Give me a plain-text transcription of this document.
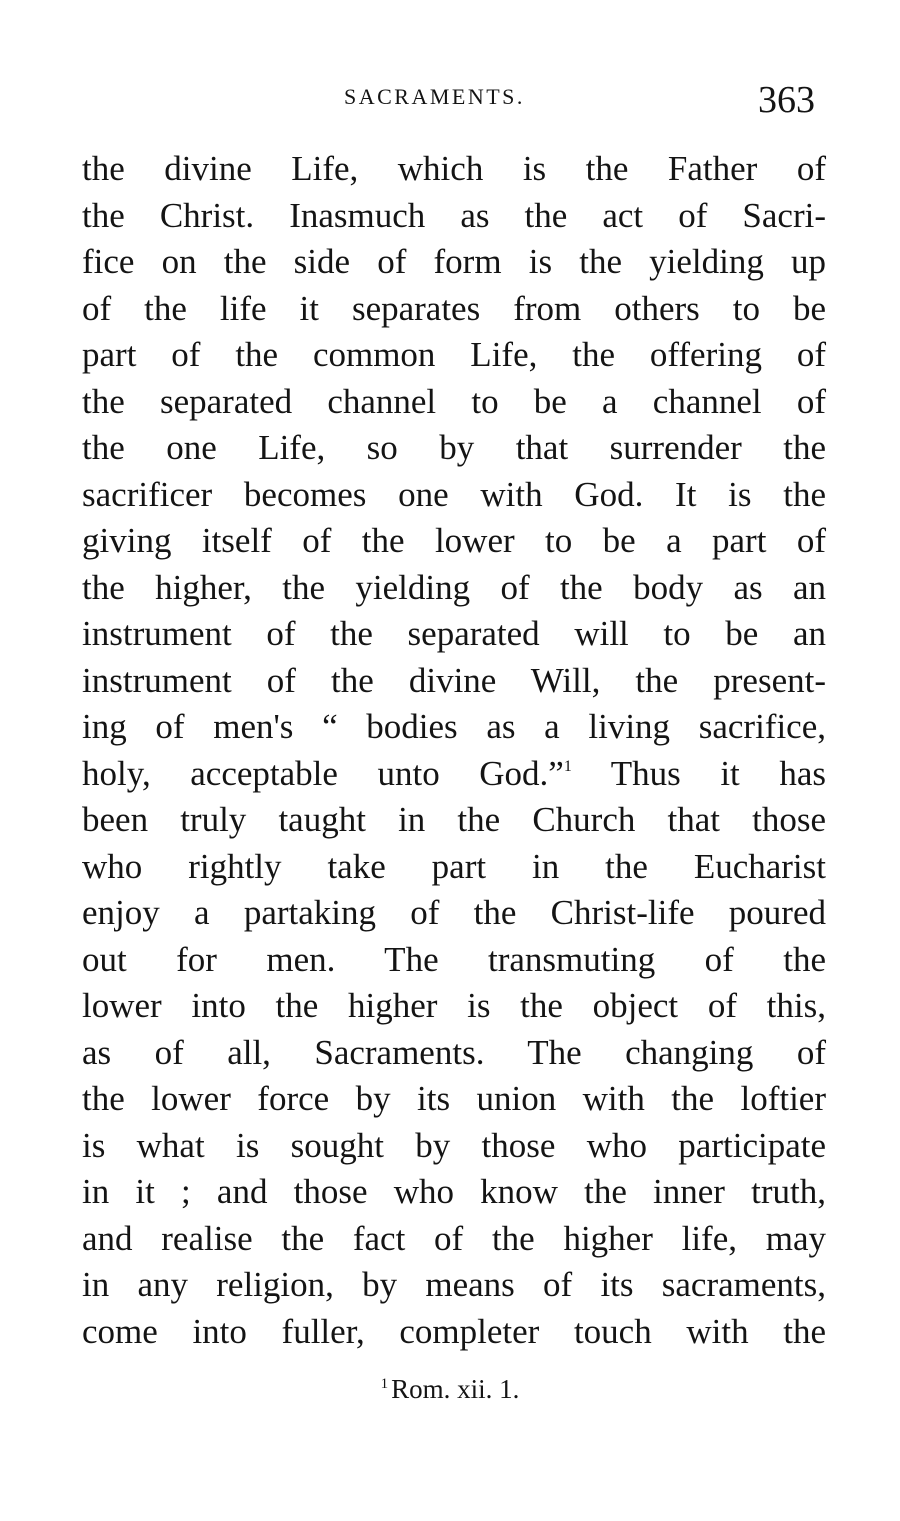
SACRAMENTS.	363
the divine Life, which is the Father of
the Christ. Inasmuch as the act of Sacri-
fice on the side of form is the yielding up
of the life it separates from others to be
part of the common Life, the offering of
the separated channel to be a channel of
the one Life, so by that surrender the
sacrificer becomes one with God. It is the
giving itself of the lower to be a part of
the higher, the yielding of the body as an
instrument of the separated will to be an
instrument of the divine Will, the present-
ing of men's “ bodies as a living sacrifice,
holy, acceptable unto God.”$^1$ Thus it has
been truly taught in the Church that those
who rightly take part in the Eucharist
enjoy a partaking of the Christ-life poured
out for men. The transmuting of the
lower into the higher is the object of this,
as of all, Sacraments. The changing of
the lower force by its union with the loftier
is what is sought by those who participate
in it ; and those who know the inner truth,
and realise the fact of the higher life, may
in any religion, by means of its sacraments,
come into fuller, completer touch with the
$^1$ Rom. xii. 1.
